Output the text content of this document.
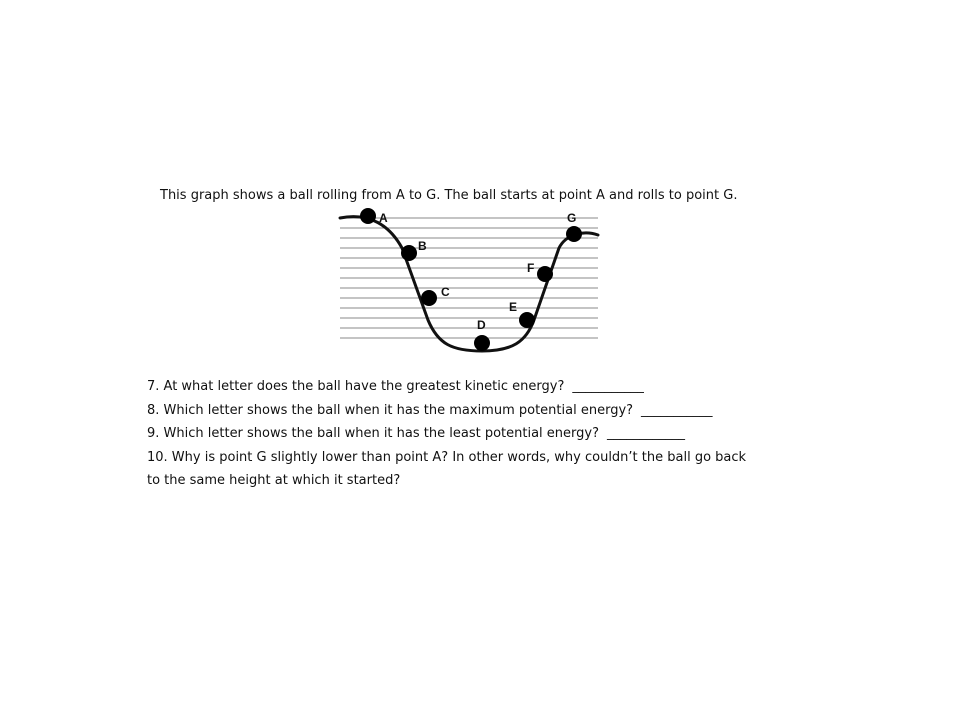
This graph shows a ball rolling from A to G. The ball starts at point A and rolls to point G.
A
B
C
D
E
F
G
7. At what letter does the ball have the greatest kinetic energy? ___________
8. Which letter shows the ball when it has the maximum potential energy? ___________
9. Which letter shows the ball when it has the least potential energy? ____________
10. Why is point G slightly lower than point A? In other words, why couldn’t the ball go back
to the same height at which it started?
